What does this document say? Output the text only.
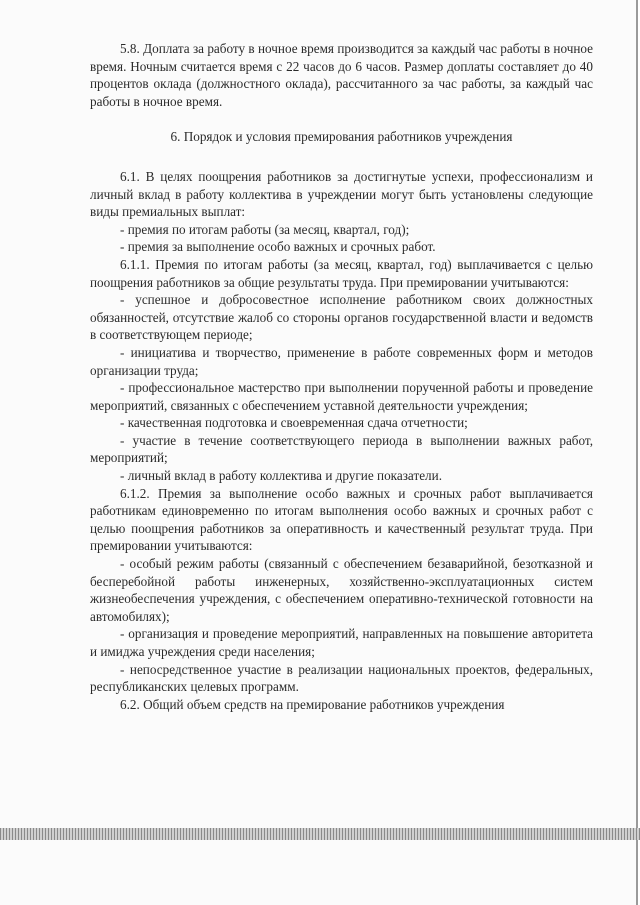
5.8. Доплата за работу в ночное время производится за каждый час работы в ночное время. Ночным считается время с 22 часов до 6 часов. Размер доплаты составляет до 40 процентов оклада (должностного оклада), рассчитанного за час работы, за каждый час работы в ночное время.

6. Порядок и условия премирования работников учреждения

6.1. В целях поощрения работников за достигнутые успехи, профессионализм и личный вклад в работу коллектива в учреждении могут быть установлены следующие виды премиальных выплат:

- премия по итогам работы (за месяц, квартал, год);

- премия за выполнение особо важных и срочных работ.

6.1.1. Премия по итогам работы (за месяц, квартал, год) выплачивается с целью поощрения работников за общие результаты труда. При премировании учитываются:

- успешное и добросовестное исполнение работником своих должностных обязанностей, отсутствие жалоб со стороны органов государственной власти и ведомств в соответствующем периоде;

- инициатива и творчество, применение в работе современных форм и методов организации труда;

- профессиональное мастерство при выполнении порученной работы и проведение мероприятий, связанных с обеспечением уставной деятельности учреждения;

- качественная подготовка и своевременная сдача отчетности;

- участие в течение соответствующего периода в выполнении важных работ, мероприятий;

- личный вклад в работу коллектива и другие показатели.

6.1.2. Премия за выполнение особо важных и срочных работ выплачивается работникам единовременно по итогам выполнения особо важных и срочных работ с целью поощрения работников за оперативность и качественный результат труда. При премировании учитываются:

- особый режим работы (связанный с обеспечением безаварийной, безотказной и бесперебойной работы инженерных, хозяйственно-эксплуатационных систем жизнеобеспечения учреждения, с обеспечением оперативно-технической готовности на автомобилях);

- организация и проведение мероприятий, направленных на повышение авторитета и имиджа учреждения среди населения;

- непосредственное участие в реализации национальных проектов, федеральных, республиканских целевых программ.

6.2. Общий объем средств на премирование работников учреждения
